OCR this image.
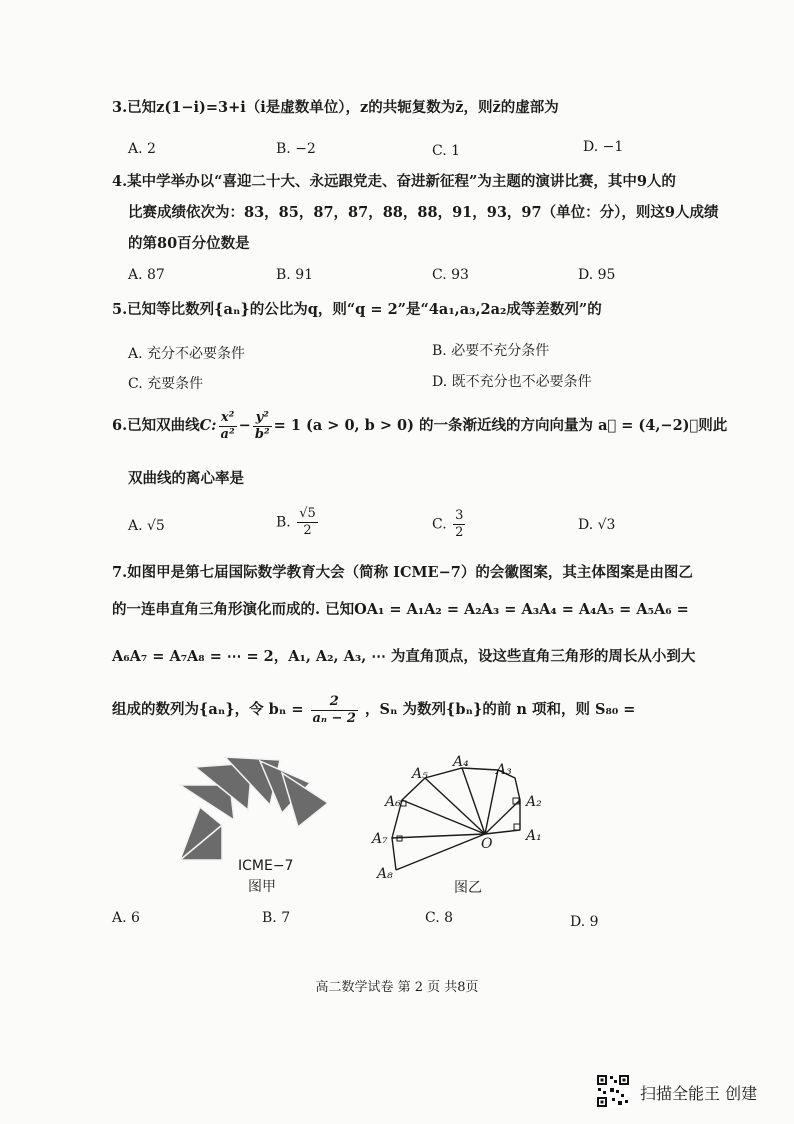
3.已知z(1−i)=3+i（i是虚数单位），z的共轭复数为z̄，则z̄的虚部为
A. 2	B. −2	C. 1	D. −1
4.某中学举办以“喜迎二十大、永远跟党走、奋进新征程”为主题的演讲比赛，其中9人的
比赛成绩依次为：83，85，87，87，88，88，91，93，97（单位：分），则这9人成绩
的第80百分位数是
A. 87	B. 91	C. 93	D. 95
5.已知等比数列{aₙ}的公比为q，则“q = 2”是“4a₁,a₃,2a₂成等差数列”的
A. 充分不必要条件	B. 必要不充分条件
C. 充要条件	D. 既不充分也不必要条件
6.已知双曲线C: $\frac{\text{x²}}{\text{a²}} - \frac{\text{y²}}{\text{b²}} = 1$ (a > 0, b > 0) 的一条渐近线的方向向量为 a⃗ = (4,−2)，则此
双曲线的离心率是
A. √5	B. $\frac{√5}{2}$	C. $\frac{3}{2}$	D. √3
7.如图甲是第七届国际数学教育大会（简称 ICME−7）的会徽图案，其主体图案是由图乙
的一连串直角三角形演化而成的. 已知OA₁ = A₁A₂ = A₂A₃ = A₃A₄ = A₄A₅ = A₅A₆ =
A₆A₇ = A₇A₈ = ⋯ = 2，A₁, A₂, A₃, ⋯ 为直角顶点，设这些直角三角形的周长从小到大
组成的数列为{aₙ}，令 $b_n = \frac{2}{\text{aₙ − 2}}$ ，Sₙ 为数列{bₙ}的前 n 项和，则 S₈₀ =
ICME−7
图甲
A₁
A₂
A₃
A₄
A₅
A₆
A₇
A₈
O
图乙
A. 6	B. 7	C. 8	D. 9
高二数学试卷 第 2 页 共8页
扫描全能王 创建
